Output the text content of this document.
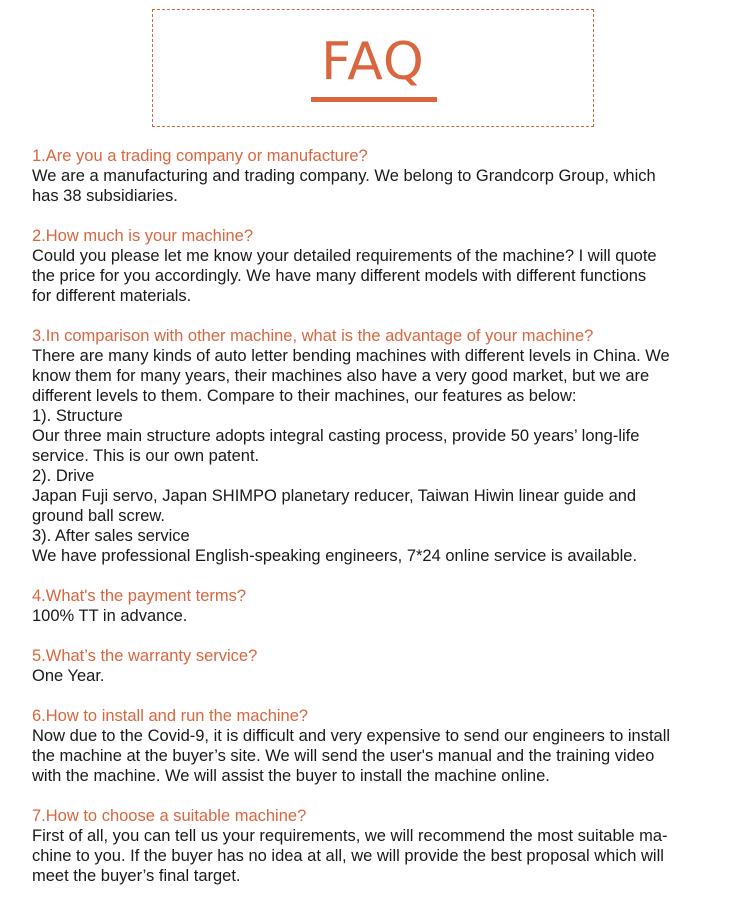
FAQ
1.Are you a trading company or manufacture?
We are a manufacturing and trading company. We belong to Grandcorp Group, which
has 38 subsidiaries.
2.How much is your machine?
Could you please let me know your detailed requirements of the machine? I will quote
the price for you accordingly. We have many different models with different functions
for different materials.
3.In comparison with other machine, what is the advantage of your machine?
There are many kinds of auto letter bending machines with different levels in China. We
know them for many years, their machines also have a very good market, but we are
different levels to them. Compare to their machines, our features as below:
1). Structure
Our three main structure adopts integral casting process, provide 50 years’ long-life
service. This is our own patent.
2). Drive
Japan Fuji servo, Japan SHIMPO planetary reducer, Taiwan Hiwin linear guide and
ground ball screw.
3). After sales service
We have professional English-speaking engineers, 7*24 online service is available.
4.What's the payment terms?
100% TT in advance.
5.What’s the warranty service?
One Year.
6.How to install and run the machine?
Now due to the Covid-9, it is difficult and very expensive to send our engineers to install
the machine at the buyer’s site. We will send the user's manual and the training video
with the machine. We will assist the buyer to install the machine online.
7.How to choose a suitable machine?
First of all, you can tell us your requirements, we will recommend the most suitable ma-
chine to you. If the buyer has no idea at all, we will provide the best proposal which will
meet the buyer’s final target.
